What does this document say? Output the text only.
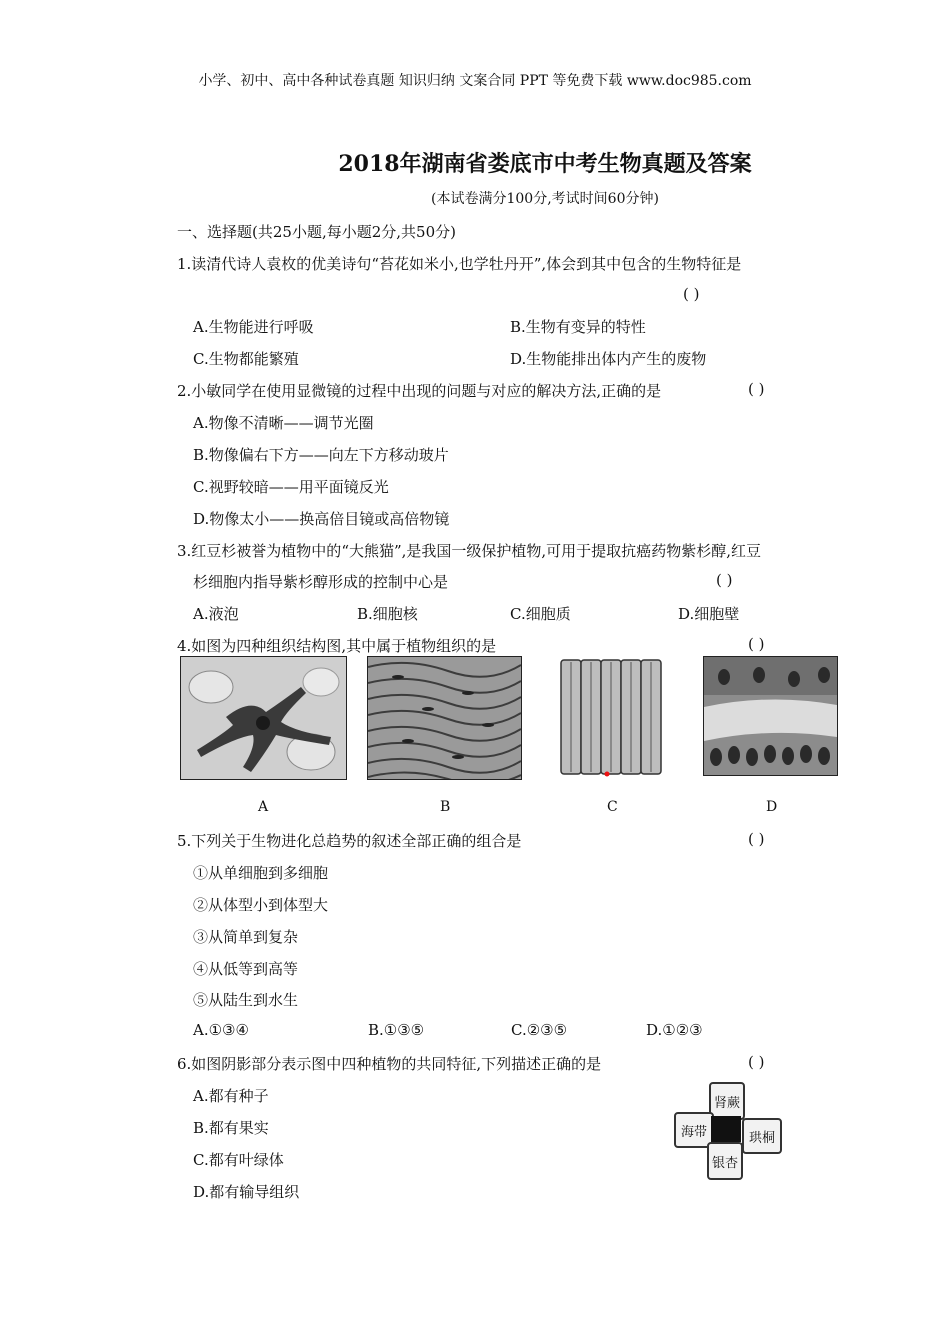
小学、初中、高中各种试卷真题 知识归纳 文案合同 PPT 等免费下载 www.doc985.com
2018年湖南省娄底市中考生物真题及答案
(本试卷满分100分,考试时间60分钟)
一、选择题(共25小题,每小题2分,共50分)
1.读清代诗人袁枚的优美诗句“苔花如米小,也学牡丹开”,体会到其中包含的生物特征是
( )
A.生物能进行呼吸	B.生物有变异的特性
C.生物都能繁殖	D.生物能排出体内产生的废物
2.小敏同学在使用显微镜的过程中出现的问题与对应的解决方法,正确的是	( )
A.物像不清晰——调节光圈
B.物像偏右下方——向左下方移动玻片
C.视野较暗——用平面镜反光
D.物像太小——换高倍目镜或高倍物镜
3.红豆杉被誉为植物中的“大熊猫”,是我国一级保护植物,可用于提取抗癌药物紫杉醇,红豆
杉细胞内指导紫杉醇形成的控制中心是	( )
A.液泡	B.细胞核	C.细胞质	D.细胞壁
4.如图为四种组织结构图,其中属于植物组织的是	( )
A	B	C	D
5.下列关于生物进化总趋势的叙述全部正确的组合是	( )
①从单细胞到多细胞
②从体型小到体型大
③从简单到复杂
④从低等到高等
⑤从陆生到水生
A.①③④	B.①③⑤	C.②③⑤	D.①②③
6.如图阴影部分表示图中四种植物的共同特征,下列描述正确的是	( )
A.都有种子
B.都有果实
C.都有叶绿体
D.都有输导组织
肾蕨
海带	珙桐
银杏
